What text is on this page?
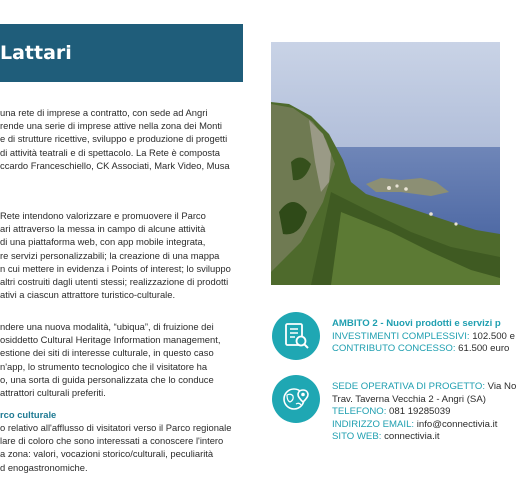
Lattari
una rete di imprese a contratto, con sede ad Angri
rende una serie di imprese attive nella zona dei Monti
e di strutture ricettive, sviluppo e produzione di progetti
di attività teatrali e di spettacolo. La Rete è composta
ccardo Franceschiello, CK Associati, Mark Video, Musa
Rete intendono valorizzare e promuovere il Parco
ari attraverso la messa in campo di alcune attività
di una piattaforma web, con app mobile integrata,
re servizi personalizzabili; la creazione di una mappa
n cui mettere in evidenza i Points of interest; lo sviluppo
altri costruiti dagli utenti stessi; realizzazione di prodotti
ativi a ciascun attrattore turistico-culturale.
ndere una nuova modalità, “ubiqua”, di fruizione dei
osiddetto Cultural Heritage Information management,
estione dei siti di interesse culturale, in questo caso
n'app, lo strumento tecnologico che il visitatore ha
o, una sorta di guida personalizzata che lo conduce
attrattori culturali preferiti.
rco culturale
o relativo all'afflusso di visitatori verso il Parco regionale
lare di coloro che sono interessati a conoscere l'intero
a zona: valori, vocazioni storico/culturali, peculiarità
d enogastronomiche.
AMBITO 2 - Nuovi prodotti e servizi p
INVESTIMENTI COMPLESSIVI: 102.500 e
CONTRIBUTO CONCESSO: 61.500 euro
SEDE OPERATIVA DI PROGETTO: Via No
Trav. Taverna Vecchia 2 - Angri (SA)
TELEFONO: 081 19285039
INDIRIZZO EMAIL: info@connectivia.it
SITO WEB: connectivia.it
